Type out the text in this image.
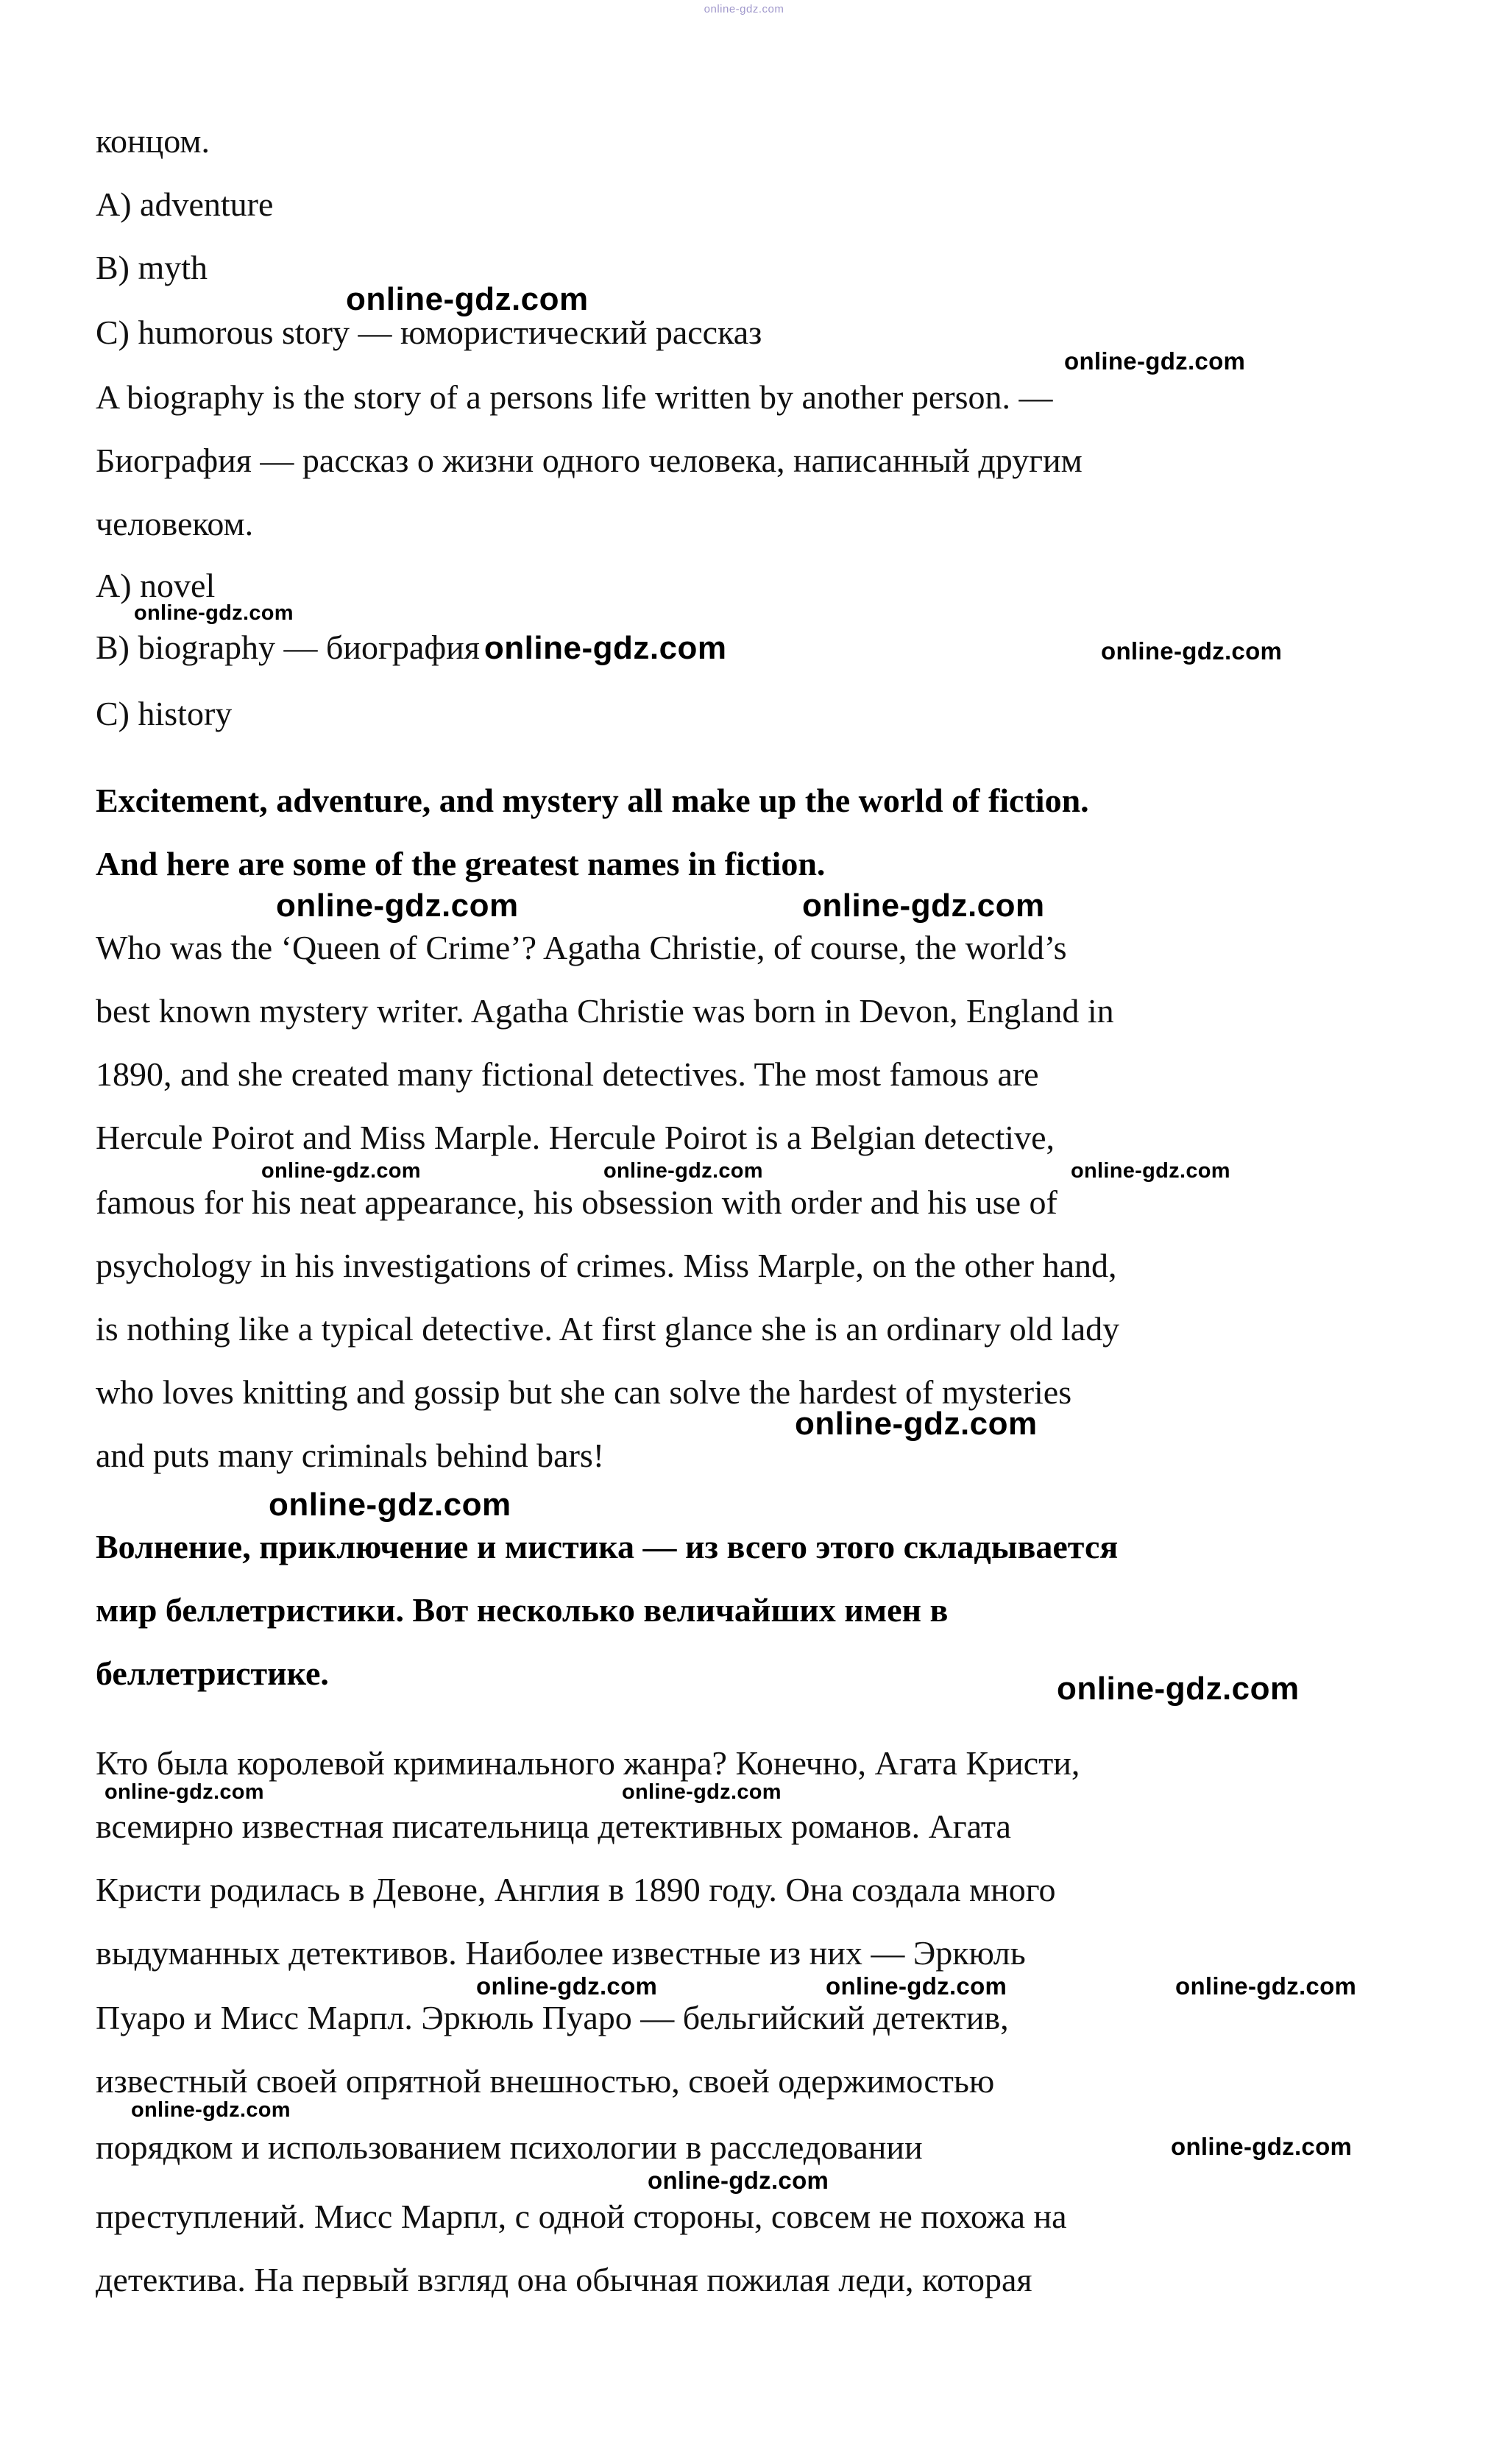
online-gdz.com
концом.
A) adventure
B) myth
online-gdz.com
C) humorous story — юмористический рассказ
online-gdz.com
A biography is the story of a persons life written by another person. —
Биография — рассказ о жизни одного человека, написанный другим
человеком.
A) novel
online-gdz.com
B) biography — биография online-gdz.com	online-gdz.com
C) history
Excitement, adventure, and mystery all make up the world of fiction.
And here are some of the greatest names in fiction.
online-gdz.com	online-gdz.com
Who was the ‘Queen of Crime’? Agatha Christie, of course, the world’s
best known mystery writer. Agatha Christie was born in Devon, England in
1890, and she created many fictional detectives. The most famous are
Hercule Poirot and Miss Marple. Hercule Poirot is a Belgian detective,
online-gdz.com	online-gdz.com	online-gdz.com
famous for his neat appearance, his obsession with order and his use of
psychology in his investigations of crimes. Miss Marple, on the other hand,
is nothing like a typical detective. At first glance she is an ordinary old lady
who loves knitting and gossip but she can solve the hardest of mysteries
online-gdz.com
and puts many criminals behind bars!
online-gdz.com
Волнение, приключение и мистика — из всего этого складывается
мир беллетристики. Вот несколько величайших имен в
беллетристике.	online-gdz.com
Кто была королевой криминального жанра? Конечно, Агата Кристи,
online-gdz.com	online-gdz.com
всемирно известная писательница детективных романов. Агата
Кристи родилась в Девоне, Англия в 1890 году. Она создала много
выдуманных детективов. Наиболее известные из них — Эркюль
online-gdz.com	online-gdz.com	online-gdz.com
Пуаро и Мисс Марпл. Эркюль Пуаро — бельгийский детектив,
известный своей опрятной внешностью, своей одержимостью
online-gdz.com
порядком и использованием психологии в расследовании	online-gdz.com
online-gdz.com
преступлений. Мисс Марпл, с одной стороны, совсем не похожа на
детектива. На первый взгляд она обычная пожилая леди, которая
